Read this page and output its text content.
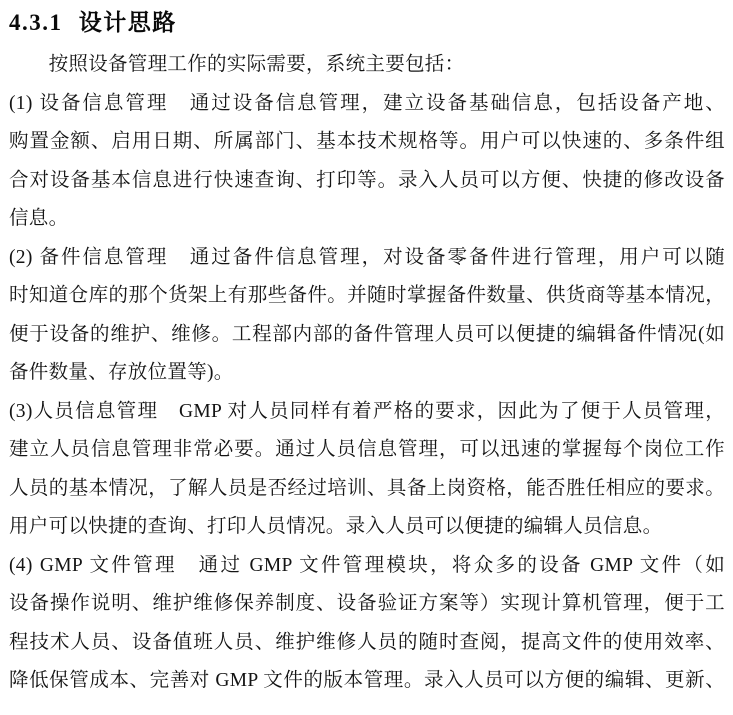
4.3.1 设计思路
　　按照设备管理工作的实际需要，系统主要包括：
(1) 设备信息管理　通过设备信息管理，建立设备基础信息，包括设备产地、
购置金额、启用日期、所属部门、基本技术规格等。用户可以快速的、多条件组
合对设备基本信息进行快速查询、打印等。录入人员可以方便、快捷的修改设备
信息。
(2) 备件信息管理　通过备件信息管理，对设备零备件进行管理，用户可以随
时知道仓库的那个货架上有那些备件。并随时掌握备件数量、供货商等基本情况，
便于设备的维护、维修。工程部内部的备件管理人员可以便捷的编辑备件情况(如
备件数量、存放位置等)。
(3)人员信息管理　GMP 对人员同样有着严格的要求，因此为了便于人员管理，
建立人员信息管理非常必要。通过人员信息管理，可以迅速的掌握每个岗位工作
人员的基本情况，了解人员是否经过培训、具备上岗资格，能否胜任相应的要求。
用户可以快捷的查询、打印人员情况。录入人员可以便捷的编辑人员信息。
(4) GMP 文件管理　通过 GMP 文件管理模块，将众多的设备 GMP 文件（如
设备操作说明、维护维修保养制度、设备验证方案等）实现计算机管理，便于工
程技术人员、设备值班人员、维护维修人员的随时查阅，提高文件的使用效率、
降低保管成本、完善对 GMP 文件的版本管理。录入人员可以方便的编辑、更新、
